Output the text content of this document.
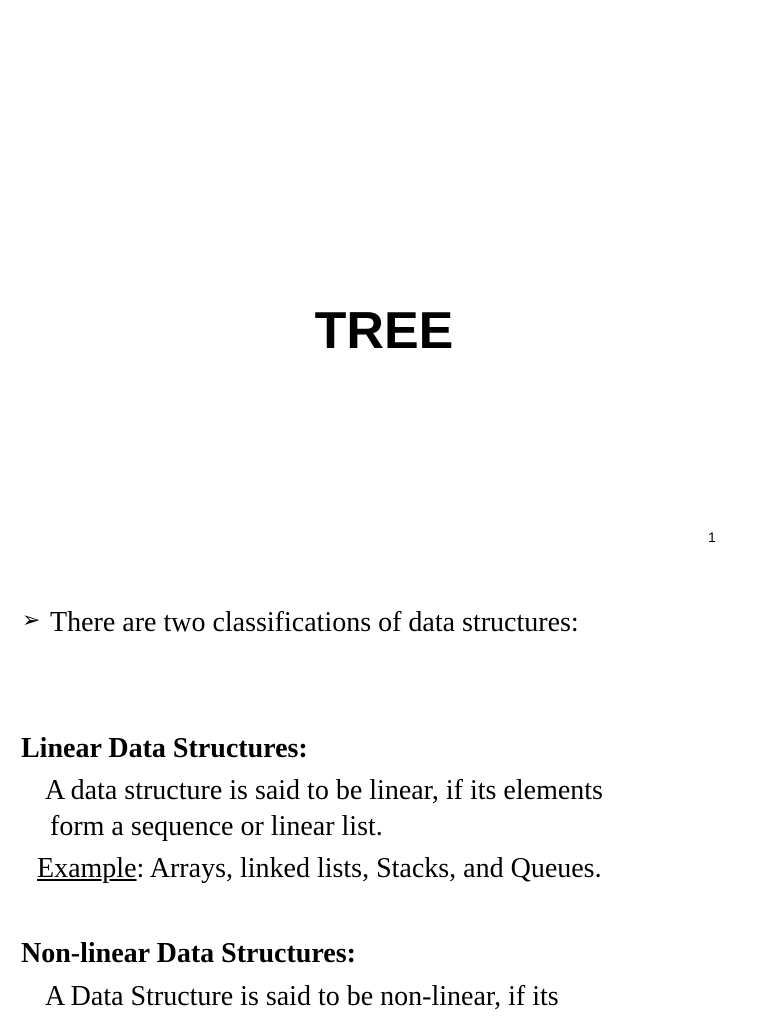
TREE
1
➢ There are two classifications of data structures:
Linear Data Structures:
A data structure is said to be linear, if its elements
form a sequence or linear list.
Example: Arrays, linked lists, Stacks, and Queues.
Non-linear Data Structures:
A Data Structure is said to be non-linear, if its
